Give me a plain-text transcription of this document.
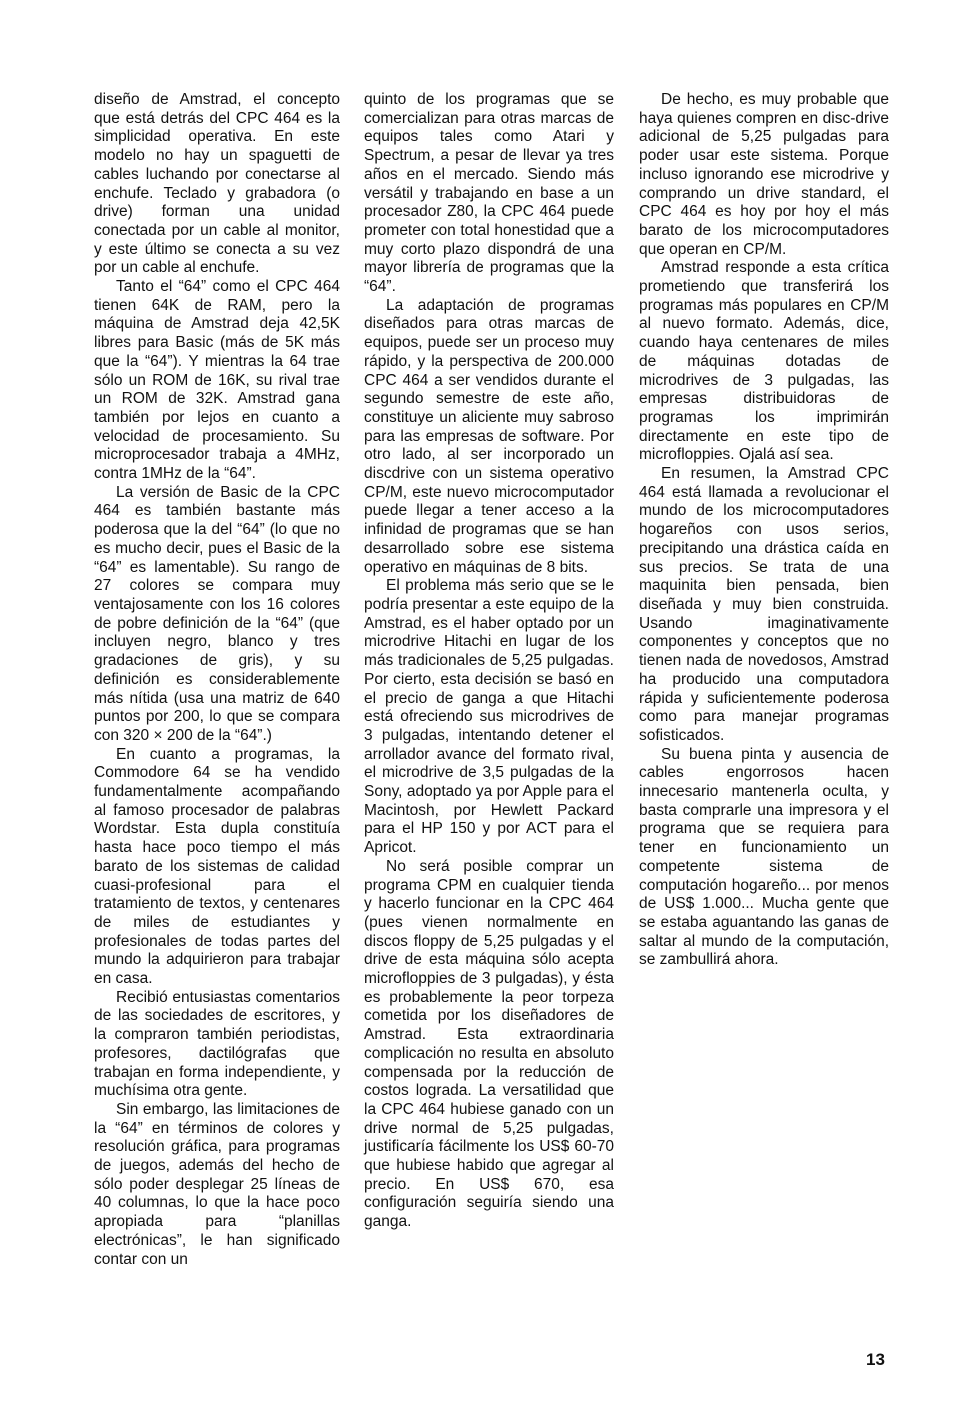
diseño de Amstrad, el concepto que está detrás del CPC 464 es la simplicidad operativa. En este modelo no hay un spaguetti de cables luchando por conectarse al enchufe. Teclado y grabadora (o drive) forman una unidad conectada por un cable al monitor, y este último se conecta a su vez por un cable al enchufe.

Tanto el “64” como el CPC 464 tienen 64K de RAM, pero la máquina de Amstrad deja 42,5K libres para Basic (más de 5K más que la “64”). Y mientras la 64 trae sólo un ROM de 16K, su rival trae un ROM de 32K. Amstrad gana también por lejos en cuanto a velocidad de procesamiento. Su microprocesador trabaja a 4MHz, contra 1MHz de la “64”.

La versión de Basic de la CPC 464 es también bastante más poderosa que la del “64” (lo que no es mucho decir, pues el Basic de la “64” es lamentable). Su rango de 27 colores se compara muy ventajosamente con los 16 colores de pobre definición de la “64” (que incluyen negro, blanco y tres gradaciones de gris), y su definición es considerablemente más nítida (usa una matriz de 640 puntos por 200, lo que se compara con 320 × 200 de la “64”.)

En cuanto a programas, la Commodore 64 se ha vendido fundamentalmente acompañando al famoso procesador de palabras Wordstar. Esta dupla constituía hasta hace poco tiempo el más barato de los sistemas de calidad cuasi-profesional para el tratamiento de textos, y centenares de miles de estudiantes y profesionales de todas partes del mundo la adquirieron para trabajar en casa.

Recibió entusiastas comentarios de las sociedades de escritores, y la compraron también periodistas, profesores, dactilógrafas que trabajan en forma independiente, y muchísima otra gente.

Sin embargo, las limitaciones de la “64” en términos de colores y resolución gráfica, para programas de juegos, además del hecho de sólo poder desplegar 25 líneas de 40 columnas, lo que la hace poco apropiada para “planillas electrónicas”, le han significado contar con un

quinto de los programas que se comercializan para otras marcas de equipos tales como Atari y Spectrum, a pesar de llevar ya tres años en el mercado. Siendo más versátil y trabajando en base a un procesador Z80, la CPC 464 puede prometer con total honestidad que a muy corto plazo dispondrá de una mayor librería de programas que la “64”.

La adaptación de programas diseñados para otras marcas de equipos, puede ser un proceso muy rápido, y la perspectiva de 200.000 CPC 464 a ser vendidos durante el segundo semestre de este año, constituye un aliciente muy sabroso para las empresas de software. Por otro lado, al ser incorporado un discdrive con un sistema operativo CP/M, este nuevo microcomputador puede llegar a tener acceso a la infinidad de programas que se han desarrollado sobre ese sistema operativo en máquinas de 8 bits.

El problema más serio que se le podría presentar a este equipo de la Amstrad, es el haber optado por un microdrive Hitachi en lugar de los más tradicionales de 5,25 pulgadas. Por cierto, esta decisión se basó en el precio de ganga a que Hitachi está ofreciendo sus microdrives de 3 pulgadas, intentando detener el arrollador avance del formato rival, el microdrive de 3,5 pulgadas de la Sony, adoptado ya por Apple para el Macintosh, por Hewlett Packard para el HP 150 y por ACT para el Apricot.

No será posible comprar un programa CPM en cualquier tienda y hacerlo funcionar en la CPC 464 (pues vienen normalmente en discos floppy de 5,25 pulgadas y el drive de esta máquina sólo acepta microfloppies de 3 pulgadas), y ésta es probablemente la peor torpeza cometida por los diseñadores de Amstrad. Esta extraordinaria complicación no resulta en absoluto compensada por la reducción de costos lograda. La versatilidad que la CPC 464 hubiese ganado con un drive normal de 5,25 pulgadas, justificaría fácilmente los US$ 60-70 que hubiese habido que agregar al precio. En US$ 670, esa configuración seguiría siendo una ganga.

De hecho, es muy probable que haya quienes compren en disc-drive adicional de 5,25 pulgadas para poder usar este sistema. Porque incluso ignorando ese microdrive y comprando un drive standard, el CPC 464 es hoy por hoy el más barato de los microcomputadores que operan en CP/M.

Amstrad responde a esta crítica prometiendo que transferirá los programas más populares en CP/M al nuevo formato. Además, dice, cuando haya centenares de miles de máquinas dotadas de microdrives de 3 pulgadas, las empresas distribuidoras de programas los imprimirán directamente en este tipo de microfloppies. Ojalá así sea.

En resumen, la Amstrad CPC 464 está llamada a revolucionar el mundo de los microcomputadores hogareños con usos serios, precipitando una drástica caída en sus precios. Se trata de una maquinita bien pensada, bien diseñada y muy bien construida. Usando imaginativamente componentes y conceptos que no tienen nada de novedosos, Amstrad ha producido una computadora rápida y suficientemente poderosa como para manejar programas sofisticados.

Su buena pinta y ausencia de cables engorrosos hacen innecesario mantenerla oculta, y basta comprarle una impresora y el programa que se requiera para tener en funcionamiento un competente sistema de computación hogareño... por menos de US$ 1.000... Mucha gente que se estaba aguantando las ganas de saltar al mundo de la computación, se zambullirá ahora.

13
